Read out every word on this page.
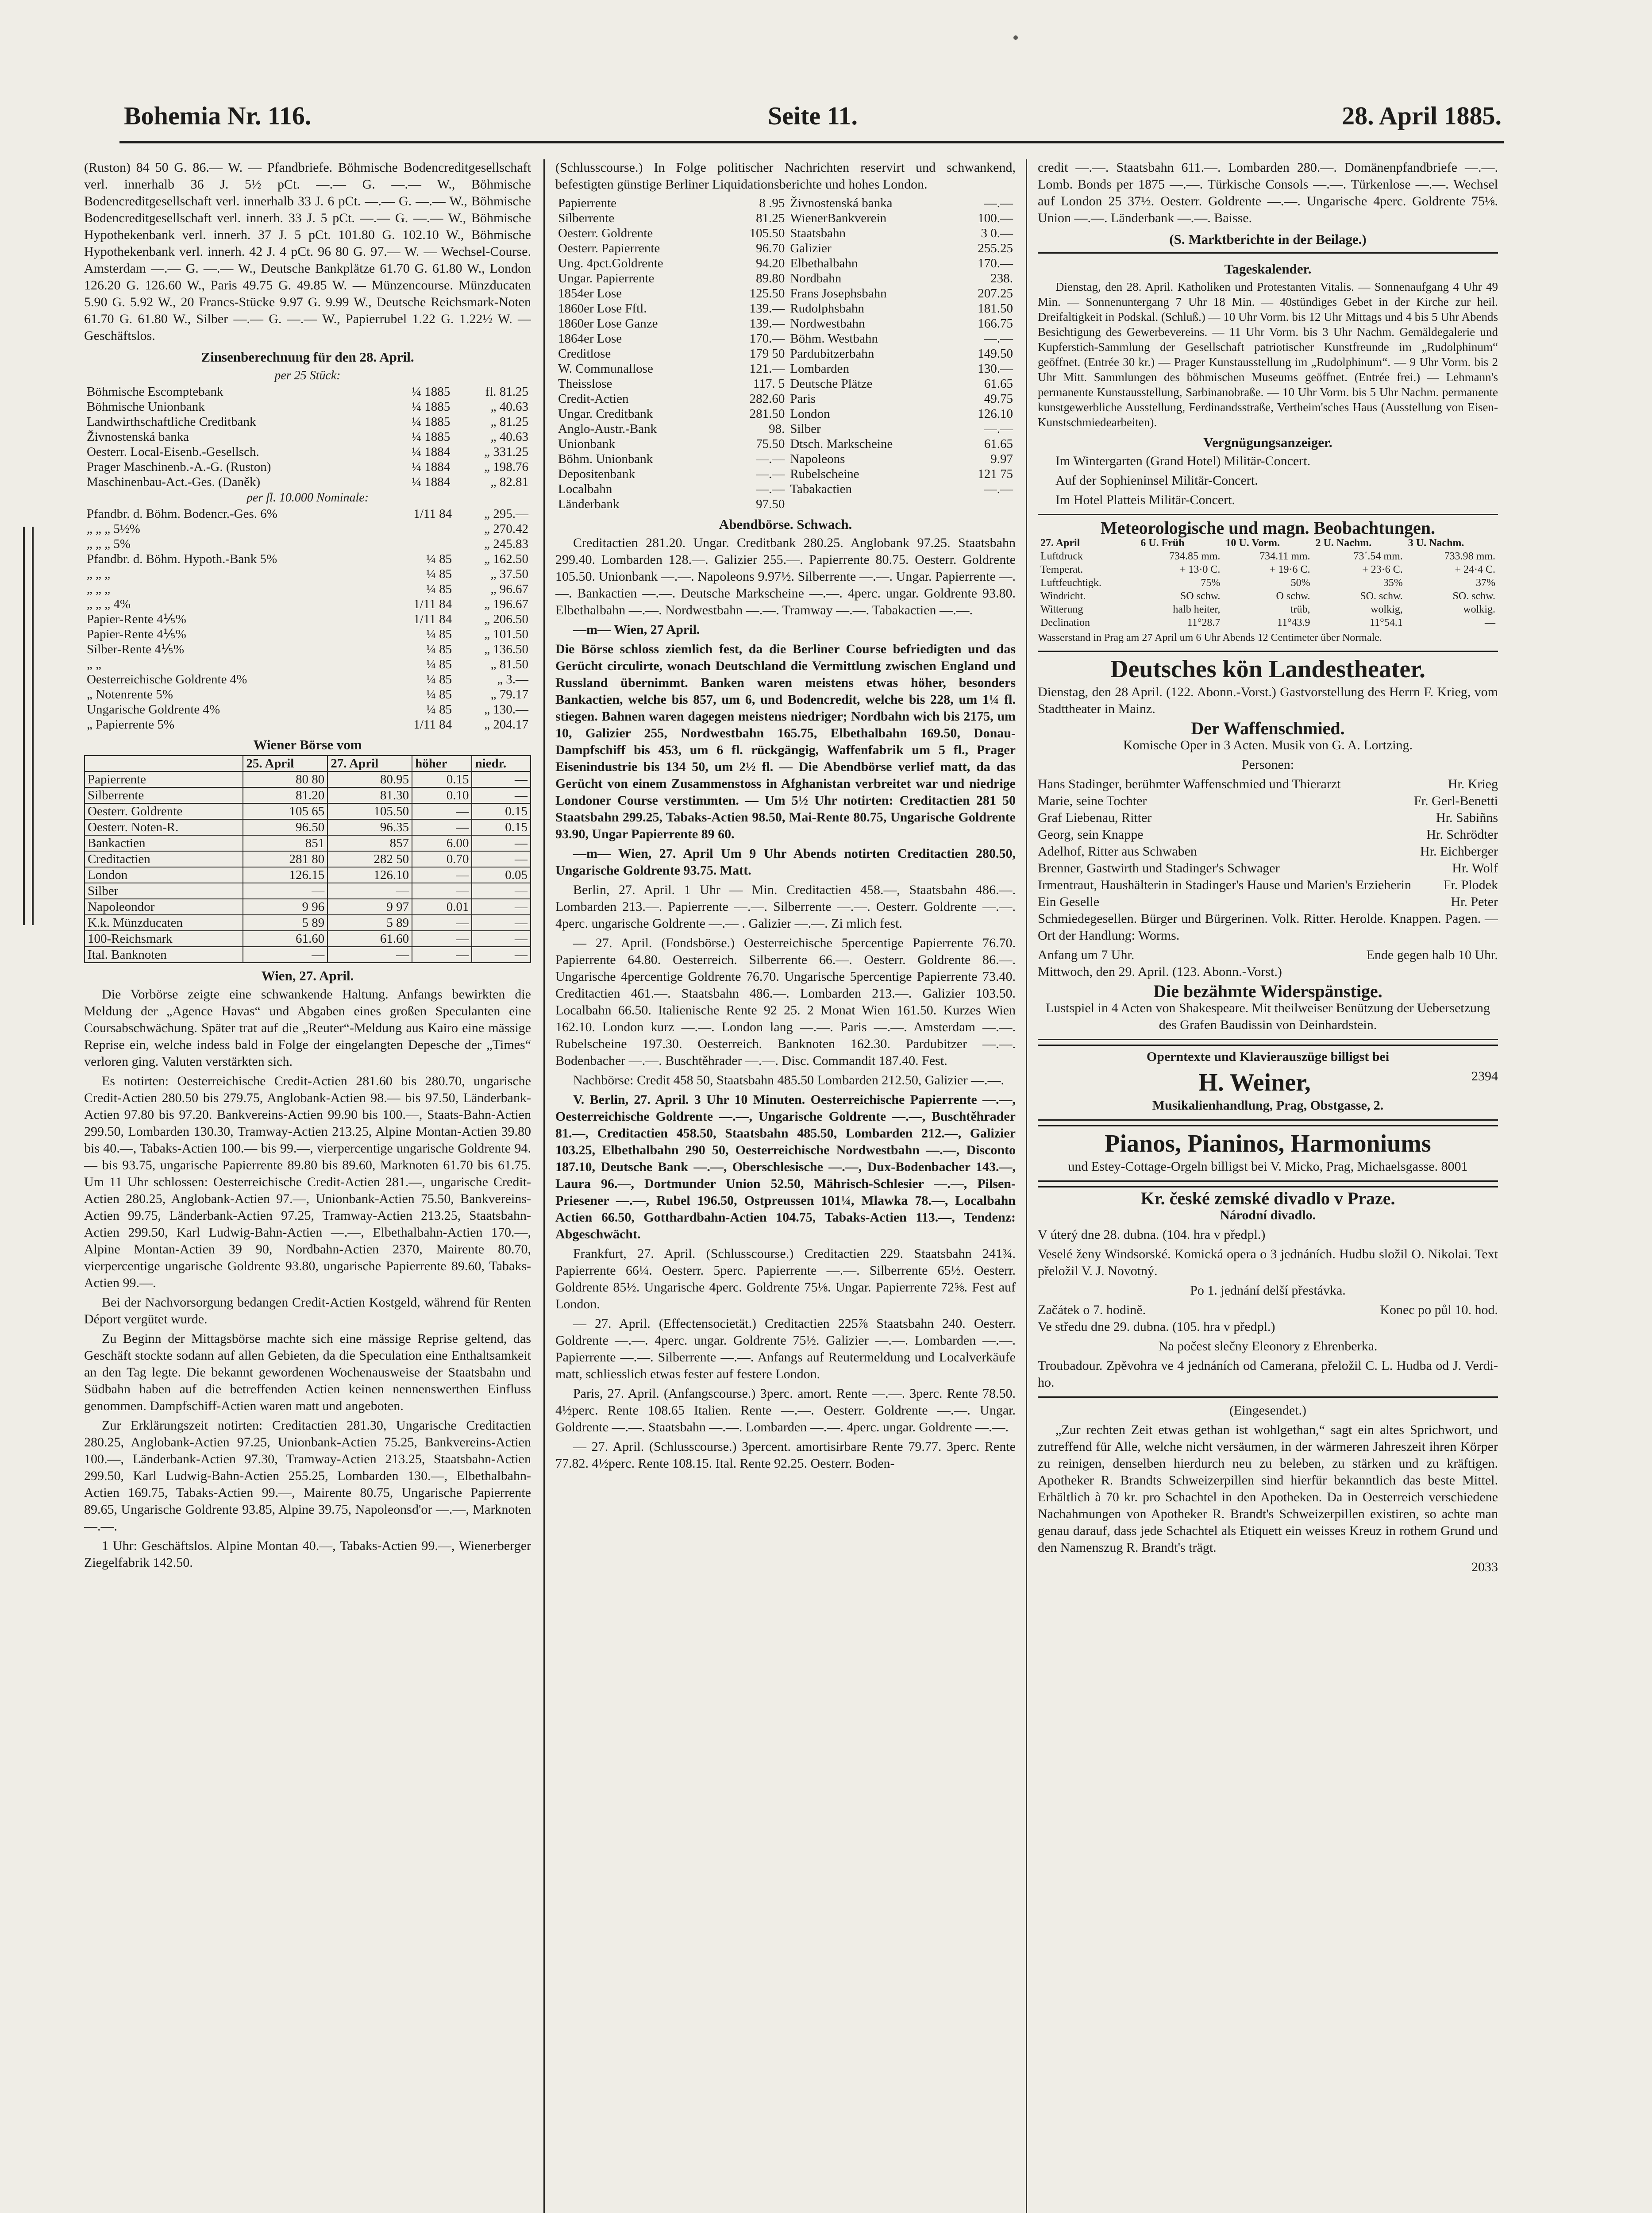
Bohemia Nr. 116.	Seite 11.	28. April 1885.

(Ruston) 84 50 G. 86.— W. — Pfandbriefe. Böhmische Bodencreditgesellschaft verl. innerhalb 36 J. 5½ pCt. —.— G. —.— W., Böhmische Bodencreditgesellschaft verl. innerhalb 33 J. 6 pCt. —.— G. —.— W., Böhmische Bodencreditgesellschaft verl. innerh. 33 J. 5 pCt. —.— G. —.— W., Böhmische Hypothekenbank verl. innerh. 37 J. 5 pCt. 101.80 G. 102.10 W., Böhmische Hypothekenbank verl. innerh. 42 J. 4 pCt. 96 80 G. 97.— W. — Wechsel-Course. Amsterdam —.— G. —.— W., Deutsche Bankplätze 61.70 G. 61.80 W., London 126.20 G. 126.60 W., Paris 49.75 G. 49.85 W. — Münzencourse. Münzducaten 5.90 G. 5.92 W., 20 Francs-Stücke 9.97 G. 9.99 W., Deutsche Reichsmark-Noten 61.70 G. 61.80 W., Silber —.— G. —.— W., Papierrubel 1.22 G. 1.22½ W. — Geschäftslos.

Zinsenberechnung für den 28. April.
per 25 Stück:
Böhmische Escomptebank	¼ 1885	fl. 81.25
Böhmische Unionbank	¼ 1885	„ 40.63
Landwirthschaftliche Creditbank	¼ 1885	„ 81.25
Živnostenská banka	¼ 1885	„ 40.63
Oesterr. Local-Eisenb.-Gesellsch.	¼ 1884	„ 331.25
Prager Maschinenb.-A.-G. (Ruston)	¼ 1884	„ 198.76
Maschinenbau-Act.-Ges. (Daněk)	¼ 1884	„ 82.81
per fl. 10.000 Nominale:
Pfandbr. d. Böhm. Bodencr.-Ges. 6%	1/11 84	„ 295.—
„ „ „ 5½%		„ 270.42
„ „ „ 5%		„ 245.83
Pfandbr. d. Böhm. Hypoth.-Bank 5%	¼ 85	„ 162.50
„ „ „	¼ 85	„ 37.50
„ „ „	¼ 85	„ 96.67
„ „ „ 4%	1/11 84	„ 196.67
Papier-Rente 4⅕%	1/11 84	„ 206.50
Papier-Rente 4⅕%	¼ 85	„ 101.50
Silber-Rente 4⅕%	¼ 85	„ 136.50
„ „	¼ 85	„ 81.50
Oesterreichische Goldrente 4%	¼ 85	„ 3.—
„ Notenrente 5%	¼ 85	„ 79.17
Ungarische Goldrente 4%	¼ 85	„ 130.—
„ Papierrente 5%	1/11 84	„ 204.17
Wiener Börse vom
	25. April	27. April	höher	niedr.
Papierrente	80 80	80.95	0.15	—
Silberrente	81.20	81.30	0.10	—
Oesterr. Goldrente	105 65	105.50	—	0.15
Oesterr. Noten-R.	96.50	96.35	—	0.15
Bankactien	851	857	6.00	—
Creditactien	281 80	282 50	0.70	—
London	126.15	126.10	—	0.05
Silber	—	—	—	—
Napoleondor	9 96	9 97	0.01	—
K.k. Münzducaten	5 89	5 89	—	—
100-Reichsmark	61.60	61.60	—	—
Ital. Banknoten	—	—	—	—
Wien, 27. April.

Die Vorbörse zeigte eine schwankende Haltung. Anfangs bewirkten die Meldung der „Agence Havas“ und Abgaben eines großen Speculanten eine Coursabschwächung. Später trat auf die „Reuter“-Meldung aus Kairo eine mässige Reprise ein, welche indess bald in Folge der eingelangten Depesche der „Times“ verloren ging. Valuten verstärkten sich.

Es notirten: Oesterreichische Credit-Actien 281.60 bis 280.70, ungarische Credit-Actien 280.50 bis 279.75, Anglobank-Actien 98.— bis 97.50, Länderbank-Actien 97.80 bis 97.20. Bankvereins-Actien 99.90 bis 100.—, Staats-Bahn-Actien 299.50, Lombarden 130.30, Tramway-Actien 213.25, Alpine Montan-Actien 39.80 bis 40.—, Tabaks-Actien 100.— bis 99.—, vierpercentige ungarische Goldrente 94.— bis 93.75, ungarische Papierrente 89.80 bis 89.60, Marknoten 61.70 bis 61.75. Um 11 Uhr schlossen: Oesterreichische Credit-Actien 281.—, ungarische Credit-Actien 280.25, Anglobank-Actien 97.—, Unionbank-Actien 75.50, Bankvereins-Actien 99.75, Länderbank-Actien 97.25, Tramway-Actien 213.25, Staatsbahn-Actien 299.50, Karl Ludwig-Bahn-Actien —.—, Elbethalbahn-Actien 170.—, Alpine Montan-Actien 39 90, Nordbahn-Actien 2370, Mairente 80.70, vierpercentige ungarische Goldrente 93.80, ungarische Papierrente 89.60, Tabaks-Actien 99.—.

Bei der Nachvorsorgung bedangen Credit-Actien Kostgeld, während für Renten Déport vergütet wurde.

Zu Beginn der Mittagsbörse machte sich eine mässige Reprise geltend, das Geschäft stockte sodann auf allen Gebieten, da die Speculation eine Enthaltsamkeit an den Tag legte. Die bekannt gewordenen Wochenausweise der Staatsbahn und Südbahn haben auf die betreffenden Actien keinen nennenswerthen Einfluss genommen. Dampfschiff-Actien waren matt und angeboten.

Zur Erklärungszeit notirten: Creditactien 281.30, Ungarische Creditactien 280.25, Anglobank-Actien 97.25, Unionbank-Actien 75.25, Bankvereins-Actien 100.—, Länderbank-Actien 97.30, Tramway-Actien 213.25, Staatsbahn-Actien 299.50, Karl Ludwig-Bahn-Actien 255.25, Lombarden 130.—, Elbethalbahn-Actien 169.75, Tabaks-Actien 99.—, Mairente 80.75, Ungarische Papierrente 89.65, Ungarische Goldrente 93.85, Alpine 39.75, Napoleonsd'or —.—, Marknoten —.—.

1 Uhr: Geschäftslos. Alpine Montan 40.—, Tabaks-Actien 99.—, Wienerberger Ziegelfabrik 142.50.

(Schlusscourse.) In Folge politischer Nachrichten reservirt und schwankend, befestigten günstige Berliner Liquidationsberichte und hohes London.

Papierrente	8 .95	Živnostenská banka	—.—
Silberrente	81.25	WienerBankverein	100.—
Oesterr. Goldrente	105.50	Staatsbahn	3 0.—
Oesterr. Papierrente	96.70	Galizier	255.25
Ung. 4pct.Goldrente	94.20	Elbethalbahn	170.—
Ungar. Papierrente	89.80	Nordbahn	238.
1854er Lose	125.50	Frans Josephsbahn	207.25
1860er Lose Fftl.	139.—	Rudolphsbahn	181.50
1860er Lose Ganze	139.—	Nordwestbahn	166.75
1864er Lose	170.—	Böhm. Westbahn	—.—
Creditlose	179 50	Pardubitzerbahn	149.50
W. Communallose	121.—	Lombarden	130.—
Theisslose	117. 5	Deutsche Plätze	61.65
Credit-Actien	282.60	Paris	49.75
Ungar. Creditbank	281.50	London	126.10
Anglo-Austr.-Bank	98.	Silber	—.—
Unionbank	75.50	Dtsch. Markscheine	61.65
Böhm. Unionbank	—.—	Napoleons	9.97
Depositenbank	—.—	Rubelscheine	121 75
Localbahn	—.—	Tabakactien	—.—
Länderbank	97.50		
Abendbörse. Schwach.

Creditactien 281.20. Ungar. Creditbank 280.25. Anglobank 97.25. Staatsbahn 299.40. Lombarden 128.—. Galizier 255.—. Papierrente 80.75. Oesterr. Goldrente 105.50. Unionbank —.—. Napoleons 9.97½. Silberrente —.—. Ungar. Papierrente —.—. Bankactien —.—. Deutsche Markscheine —.—. 4perc. ungar. Goldrente 93.80. Elbethalbahn —.—. Nordwestbahn —.—. Tramway —.—. Tabakactien —.—.

—m— Wien, 27 April.

Die Börse schloss ziemlich fest, da die Berliner Course befriedigten und das Gerücht circulirte, wonach Deutschland die Vermittlung zwischen England und Russland übernimmt. Banken waren meistens etwas höher, besonders Bankactien, welche bis 857, um 6, und Bodencredit, welche bis 228, um 1¼ fl. stiegen. Bahnen waren dagegen meistens niedriger; Nordbahn wich bis 2175, um 10, Galizier 255, Nordwestbahn 165.75, Elbethalbahn 169.50, Donau-Dampfschiff bis 453, um 6 fl. rückgängig, Waffenfabrik um 5 fl., Prager Eisenindustrie bis 134 50, um 2½ fl. — Die Abendbörse verlief matt, da das Gerücht von einem Zusammenstoss in Afghanistan verbreitet war und niedrige Londoner Course verstimmten. — Um 5½ Uhr notirten: Creditactien 281 50 Staatsbahn 299.25, Tabaks-Actien 98.50, Mai-Rente 80.75, Ungarische Goldrente 93.90, Ungar Papierrente 89 60.

—m— Wien, 27. April Um 9 Uhr Abends notirten Creditactien 280.50, Ungarische Goldrente 93.75. Matt.

Berlin, 27. April. 1 Uhr — Min. Creditactien 458.—, Staatsbahn 486.—. Lombarden 213.—. Papierrente —.—. Silberrente —.—. Oesterr. Goldrente —.—. 4perc. ungarische Goldrente —.— . Galizier —.—. Zi mlich fest.

— 27. April. (Fondsbörse.) Oesterreichische 5percentige Papierrente 76.70. Papierrente 64.80. Oesterreich. Silberrente 66.—. Oesterr. Goldrente 86.—. Ungarische 4percentige Goldrente 76.70. Ungarische 5percentige Papierrente 73.40. Creditactien 461.—. Staatsbahn 486.—. Lombarden 213.—. Galizier 103.50. Localbahn 66.50. Italienische Rente 92 25. 2 Monat Wien 161.50. Kurzes Wien 162.10. London kurz —.—. London lang —.—. Paris —.—. Amsterdam —.—. Rubelscheine 197.30. Oesterreich. Banknoten 162.30. Pardubitzer —.—. Bodenbacher —.—. Buschtěhrader —.—. Disc. Commandit 187.40. Fest.

Nachbörse: Credit 458 50, Staatsbahn 485.50 Lombarden 212.50, Galizier —.—.

V. Berlin, 27. April. 3 Uhr 10 Minuten. Oesterreichische Papierrente —.—, Oesterreichische Goldrente —.—, Ungarische Goldrente —.—, Buschtěhrader 81.—, Creditactien 458.50, Staatsbahn 485.50, Lombarden 212.—, Galizier 103.25, Elbethalbahn 290 50, Oesterreichische Nordwestbahn —.—, Disconto 187.10, Deutsche Bank —.—, Oberschlesische —.—, Dux-Bodenbacher 143.—, Laura 96.—, Dortmunder Union 52.50, Mährisch-Schlesier —.—, Pilsen-Priesener —.—, Rubel 196.50, Ostpreussen 101¼, Mlawka 78.—, Localbahn Actien 66.50, Gotthardbahn-Actien 104.75, Tabaks-Actien 113.—, Tendenz: Abgeschwächt.

Frankfurt, 27. April. (Schlusscourse.) Creditactien 229. Staatsbahn 241¾. Papierrente 66¼. Oesterr. 5perc. Papierrente —.—. Silberrente 65½. Oesterr. Goldrente 85½. Ungarische 4perc. Goldrente 75⅛. Ungar. Papierrente 72⅝. Fest auf London.

— 27. April. (Effectensocietät.) Creditactien 225⅞ Staatsbahn 240. Oesterr. Goldrente —.—. 4perc. ungar. Goldrente 75½. Galizier —.—. Lombarden —.—. Papierrente —.—. Silberrente —.—. Anfangs auf Reutermeldung und Localverkäufe matt, schliesslich etwas fester auf festere London.

Paris, 27. April. (Anfangscourse.) 3perc. amort. Rente —.—. 3perc. Rente 78.50. 4½perc. Rente 108.65 Italien. Rente —.—. Oesterr. Goldrente —.—. Ungar. Goldrente —.—. Staatsbahn —.—. Lombarden —.—. 4perc. ungar. Goldrente —.—.

— 27. April. (Schlusscourse.) 3percent. amortisirbare Rente 79.77. 3perc. Rente 77.82. 4½perc. Rente 108.15. Ital. Rente 92.25. Oesterr. Boden-

credit —.—. Staatsbahn 611.—. Lombarden 280.—. Domänenpfandbriefe —.—. Lomb. Bonds per 1875 —.—. Türkische Consols —.—. Türkenlose —.—. Wechsel auf London 25 37½. Oesterr. Goldrente —.—. Ungarische 4perc. Goldrente 75⅛. Union —.—. Länderbank —.—. Baisse.

(S. Marktberichte in der Beilage.)
Tageskalender.

Dienstag, den 28. April. Katholiken und Protestanten Vitalis. — Sonnenaufgang 4 Uhr 49 Min. — Sonnenuntergang 7 Uhr 18 Min. — 40stündiges Gebet in der Kirche zur heil. Dreifaltigkeit in Podskal. (Schluß.) — 10 Uhr Vorm. bis 12 Uhr Mittags und 4 bis 5 Uhr Abends Besichtigung des Gewerbevereins. — 11 Uhr Vorm. bis 3 Uhr Nachm. Gemäldegalerie und Kupferstich-Sammlung der Gesellschaft patriotischer Kunstfreunde im „Rudolphinum“ geöffnet. (Entrée 30 kr.) — Prager Kunstausstellung im „Rudolphinum“. — 9 Uhr Vorm. bis 2 Uhr Mitt. Sammlungen des böhmischen Museums geöffnet. (Entrée frei.) — Lehmann's permanente Kunstausstellung, Sarbinanobraße. — 10 Uhr Vorm. bis 5 Uhr Nachm. permanente kunstgewerbliche Ausstellung, Ferdinandsstraße, Vertheim'sches Haus (Ausstellung von Eisen-Kunstschmiedearbeiten).

Vergnügungsanzeiger.

Im Wintergarten (Grand Hotel) Militär-Concert.

Auf der Sophieninsel Militär-Concert.

Im Hotel Platteis Militär-Concert.

Meteorologische und magn. Beobachtungen.
27. April	6 U. Früh	10 U. Vorm.	2 U. Nachm.	3 U. Nachm.
Luftdruck	734.85 mm.	734.11 mm.	73´.54 mm.	733.98 mm.
Temperat.	+ 13·0 C.	+ 19·6 C.	+ 23·6 C.	+ 24·4 C.
Luftfeuchtigk.	75%	50%	35%	37%
Windricht.	SO schw.	O schw.	SO. schw.	SO. schw.
Witterung	halb heiter,	trüb,	wolkig,	wolkig.
Declination	11°28.7	11°43.9	11°54.1	—

Wasserstand in Prag am 27 April um 6 Uhr Abends 12 Centimeter über Normale.

Deutsches kön Landestheater.

Dienstag, den 28 April. (122. Abonn.-Vorst.) Gastvorstellung des Herrn F. Krieg, vom Stadttheater in Mainz.

Der Waffenschmied.

Komische Oper in 3 Acten. Musik von G. A. Lortzing.

Personen:

Hans Stadinger, berühmter Waffenschmied und Thierarzt	Hr. Krieg
Marie, seine Tochter	Fr. Gerl-Benetti
Graf Liebenau, Ritter	Hr. Sabiñns
Georg, sein Knappe	Hr. Schrödter
Adelhof, Ritter aus Schwaben	Hr. Eichberger
Brenner, Gastwirth und Stadinger's Schwager	Hr. Wolf
Irmentraut, Haushälterin in Stadinger's Hause und Marien's Erzieherin	Fr. Plodek
Ein Geselle	Hr. Peter

Schmiedegesellen. Bürger und Bürgerinen. Volk. Ritter. Herolde. Knappen. Pagen. — Ort der Handlung: Worms.

Anfang um 7 Uhr.	Ende gegen halb 10 Uhr.

Mittwoch, den 29. April. (123. Abonn.-Vorst.)

Die bezähmte Widerspänstige.

Lustspiel in 4 Acten von Shakespeare. Mit theilweiser Benützung der Uebersetzung des Grafen Baudissin von Deinhardstein.

Operntexte und Klavierauszüge billigst bei

H. Weiner,	2394

Musikalienhandlung, Prag, Obstgasse, 2.

Pianos, Pianinos, Harmoniums

und Estey-Cottage-Orgeln billigst bei V. Micko, Prag, Michaelsgasse. 8001

Kr. české zemské divadlo v Praze.

Národní divadlo.

V úterý dne 28. dubna. (104. hra v předpl.)

Veselé ženy Windsorské. Komická opera o 3 jednáních. Hudbu složil O. Nikolai. Text přeložil V. J. Novotný.

Po 1. jednání delší přestávka.

Začátek o 7. hodině.	Konec po půl 10. hod.

Ve středu dne 29. dubna. (105. hra v předpl.)

Na počest slečny Eleonory z Ehrenberka.

Troubadour. Zpěvohra ve 4 jednáních od Camerana, přeložil C. L. Hudba od J. Verdi-ho.

(Eingesendet.)

„Zur rechten Zeit etwas gethan ist wohlgethan,“ sagt ein altes Sprichwort, und zutreffend für Alle, welche nicht versäumen, in der wärmeren Jahreszeit ihren Körper zu reinigen, denselben hierdurch neu zu beleben, zu stärken und zu kräftigen. Apotheker R. Brandts Schweizerpillen sind hierfür bekanntlich das beste Mittel. Erhältlich à 70 kr. pro Schachtel in den Apotheken. Da in Oesterreich verschiedene Nachahmungen von Apotheker R. Brandt's Schweizerpillen existiren, so achte man genau darauf, dass jede Schachtel als Etiquett ein weisses Kreuz in rothem Grund und den Namenszug R. Brandt's trägt.

2033
